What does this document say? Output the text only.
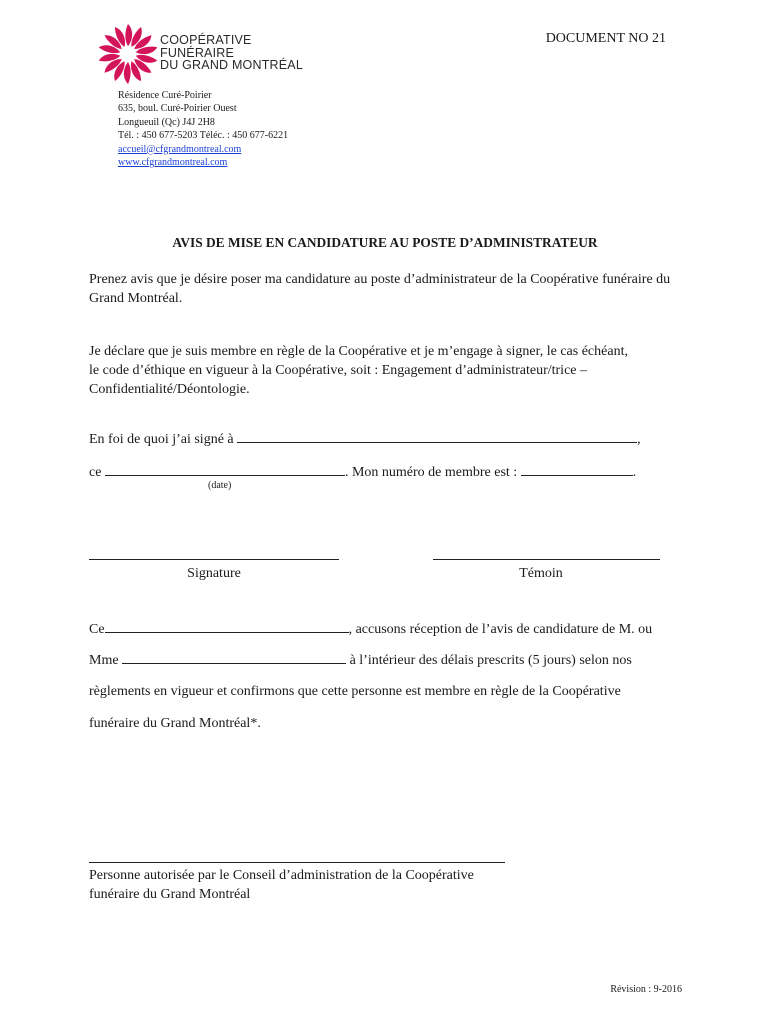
COOPÉRATIVE
FUNÉRAIRE
DU GRAND MONTRÉAL
DOCUMENT NO 21
Résidence Curé-Poirier
635, boul. Curé-Poirier Ouest
Longueuil (Qc) J4J 2H8
Tél. : 450 677-5203 Téléc. : 450 677-6221
accueil@cfgrandmontreal.com
www.cfgrandmontreal.com
AVIS DE MISE EN CANDIDATURE AU POSTE D’ADMINISTRATEUR
Prenez avis que je désire poser ma candidature au poste d’administrateur de la Coopérative funéraire du Grand Montréal.
Je déclare que je suis membre en règle de la Coopérative et je m’engage à signer, le cas échéant,
le code d’éthique en vigueur à la Coopérative, soit : Engagement d’administrateur/trice –
Confidentialité/Déontologie.
En foi de quoi j’ai signé à	,
ce	. Mon numéro de membre est :	.
(date)
Signature	Témoin
Ce	, accusons réception de l’avis de candidature de M. ou
Mme	à l’intérieur des délais prescrits (5 jours) selon nos
règlements en vigueur et confirmons que cette personne est membre en règle de la Coopérative
funéraire du Grand Montréal*.
Personne autorisée par le Conseil d’administration de la Coopérative
funéraire du Grand Montréal
Révision : 9-2016
